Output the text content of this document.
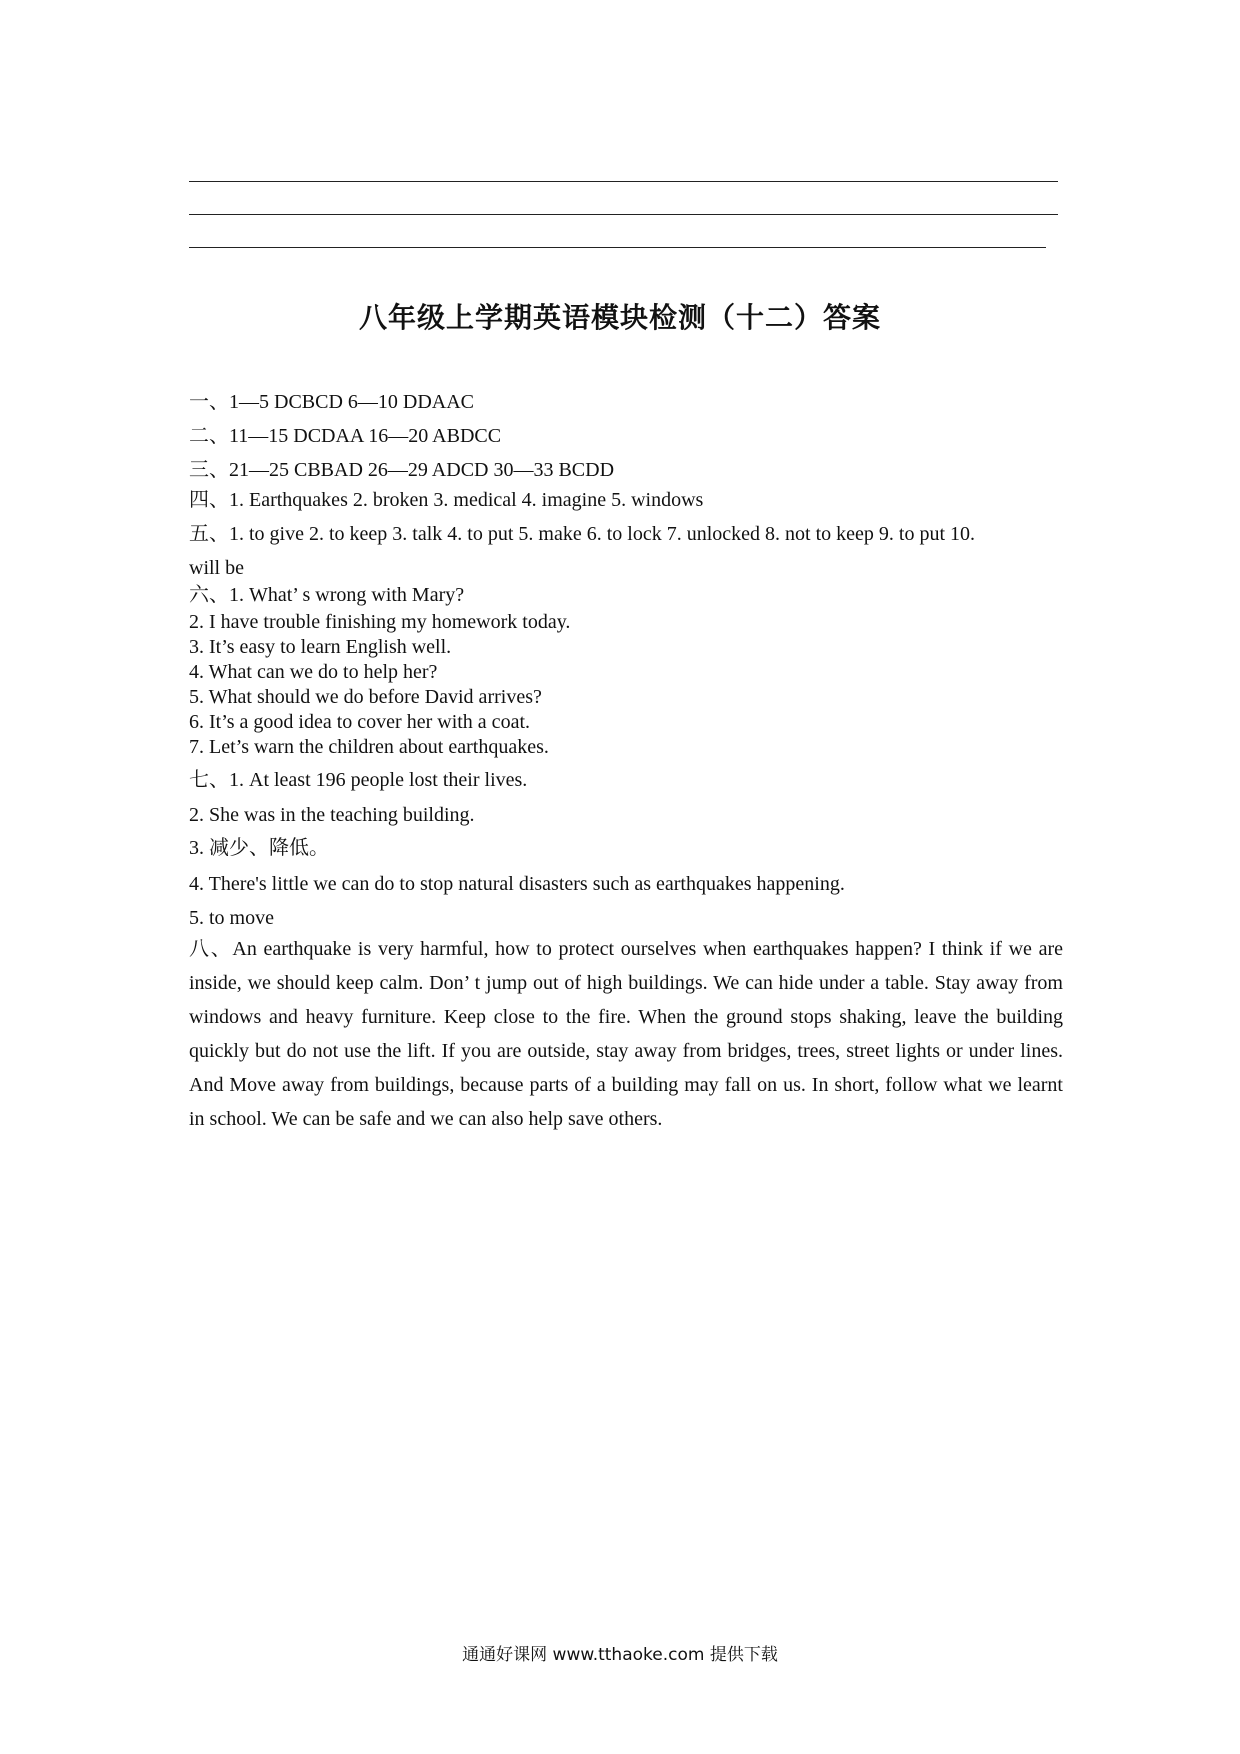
八年级上学期英语模块检测（十二）答案
一、1—5 DCBCD 6—10 DDAAC
二、11—15 DCDAA 16—20 ABDCC
三、21—25 CBBAD 26—29 ADCD 30—33 BCDD
四、1. Earthquakes 2. broken 3. medical 4. imagine 5. windows
五、1. to give 2. to keep 3. talk 4. to put 5. make 6. to lock 7. unlocked 8. not to keep 9. to put 10.
will be
六、1. What’ s wrong with Mary?
2. I have trouble finishing my homework today.
3. It’s easy to learn English well.
4. What can we do to help her?
5. What should we do before David arrives?
6. It’s a good idea to cover her with a coat.
7. Let’s warn the children about earthquakes.
七、1. At least 196 people lost their lives.
2. She was in the teaching building.
3. 减少、降低。
4. There's little we can do to stop natural disasters such as earthquakes happening.
5. to move
八、An earthquake is very harmful, how to protect ourselves when earthquakes happen? I think if we are inside, we should keep calm. Don’ t jump out of high buildings. We can hide under a table. Stay away from windows and heavy furniture. Keep close to the fire. When the ground stops shaking, leave the building quickly but do not use the lift. If you are outside, stay away from bridges, trees, street lights or under lines. And Move away from buildings, because parts of a building may fall on us. In short, follow what we learnt in school. We can be safe and we can also help save others.
通通好课网 www.tthaoke.com 提供下载
